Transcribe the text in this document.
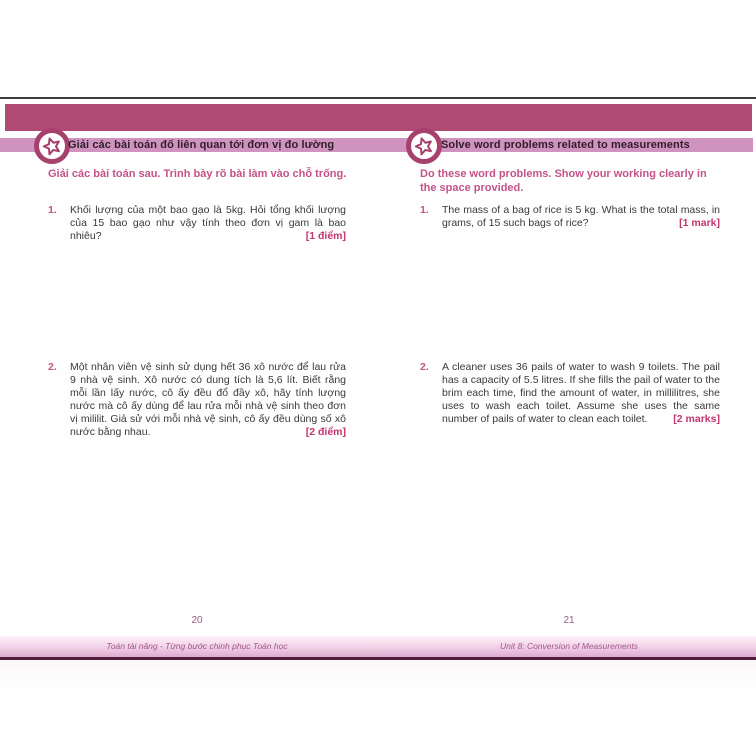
Giải các bài toán đố liên quan tới đơn vị đo lường	Solve word problems related to measurements
Giải các bài toán sau. Trình bày rõ bài làm vào chỗ trống.	Do these word problems. Show your working clearly in the space provided.
1.	Khối lượng của một bao gạo là 5kg. Hỏi tổng khối lượng của 15 bao gạo như vậy tính theo đơn vị gam là bao nhiêu?	[1 điểm]
2.	Một nhân viên vệ sinh sử dụng hết 36 xô nước để lau rửa 9 nhà vệ sinh. Xô nước có dung tích là 5,6 lít. Biết rằng mỗi lần lấy nước, cô ấy đều đổ đầy xô, hãy tính lượng nước mà cô ấy dùng để lau rửa mỗi nhà vệ sinh theo đơn vị mililit. Giả sử với mỗi nhà vệ sinh, cô ấy đều dùng số xô nước bằng nhau.	[2 điểm]
1.	The mass of a bag of rice is 5 kg. What is the total mass, in grams, of 15 such bags of rice?	[1 mark]
2.	A cleaner uses 36 pails of water to wash 9 toilets. The pail has a capacity of 5.5 litres. If she fills the pail of water to the brim each time, find the amount of water, in millilitres, she uses to wash each toilet. Assume she uses the same number of pails of water to clean each toilet. [2 marks]
20	21
Toán tài năng - Từng bước chinh phục Toán học	Unit 8: Conversion of Measurements
